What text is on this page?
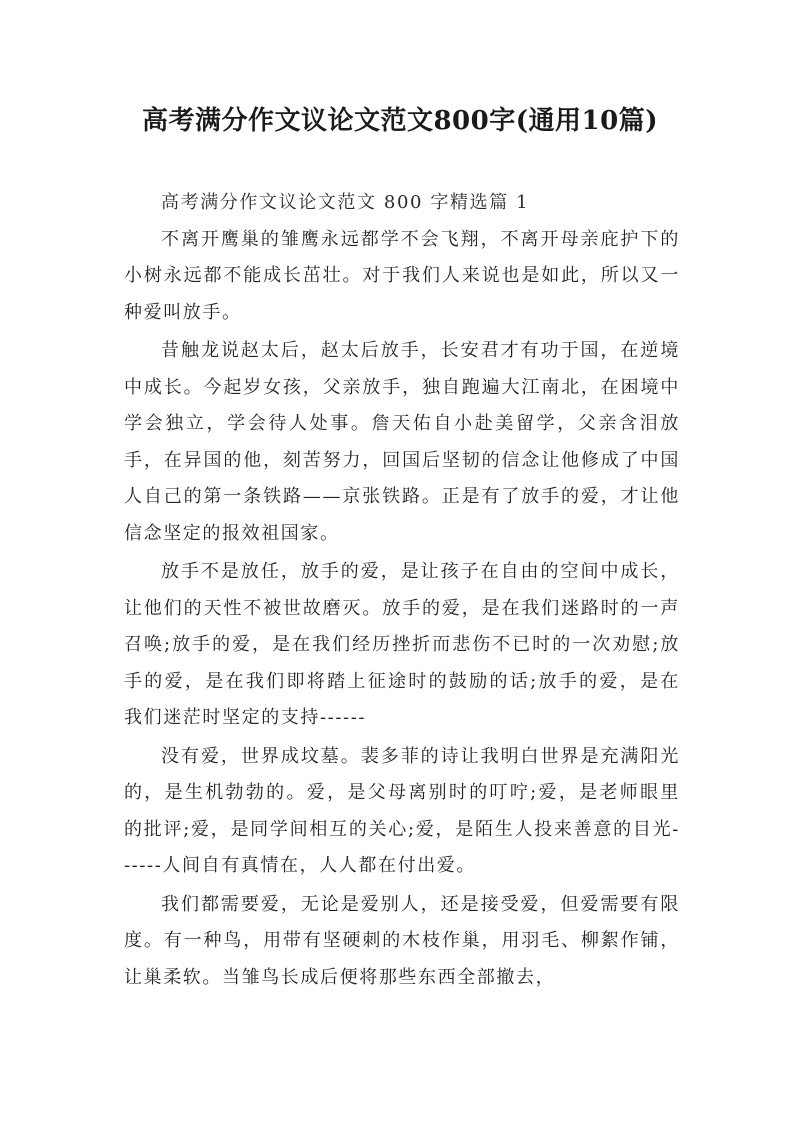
高考满分作文议论文范文800字(通用10篇)

高考满分作文议论文范文 800 字精选篇 1

不离开鹰巢的雏鹰永远都学不会飞翔，不离开母亲庇护下的小树永远都不能成长茁壮。对于我们人来说也是如此，所以又一种爱叫放手。

昔触龙说赵太后，赵太后放手，长安君才有功于国，在逆境中成长。今起岁女孩，父亲放手，独自跑遍大江南北，在困境中学会独立，学会待人处事。詹天佑自小赴美留学，父亲含泪放手，在异国的他，刻苦努力，回国后坚韧的信念让他修成了中国人自己的第一条铁路——京张铁路。正是有了放手的爱，才让他信念坚定的报效祖国家。

放手不是放任，放手的爱，是让孩子在自由的空间中成长，让他们的天性不被世故磨灭。放手的爱，是在我们迷路时的一声召唤;放手的爱，是在我们经历挫折而悲伤不已时的一次劝慰;放手的爱，是在我们即将踏上征途时的鼓励的话;放手的爱，是在我们迷茫时坚定的支持------

没有爱，世界成坟墓。裴多菲的诗让我明白世界是充满阳光的，是生机勃勃的。爱，是父母离别时的叮咛;爱，是老师眼里的批评;爱，是同学间相互的关心;爱，是陌生人投来善意的目光------人间自有真情在，人人都在付出爱。

我们都需要爱，无论是爱别人，还是接受爱，但爱需要有限度。有一种鸟，用带有坚硬刺的木枝作巢，用羽毛、柳絮作铺，让巢柔软。当雏鸟长成后便将那些东西全部撤去，
